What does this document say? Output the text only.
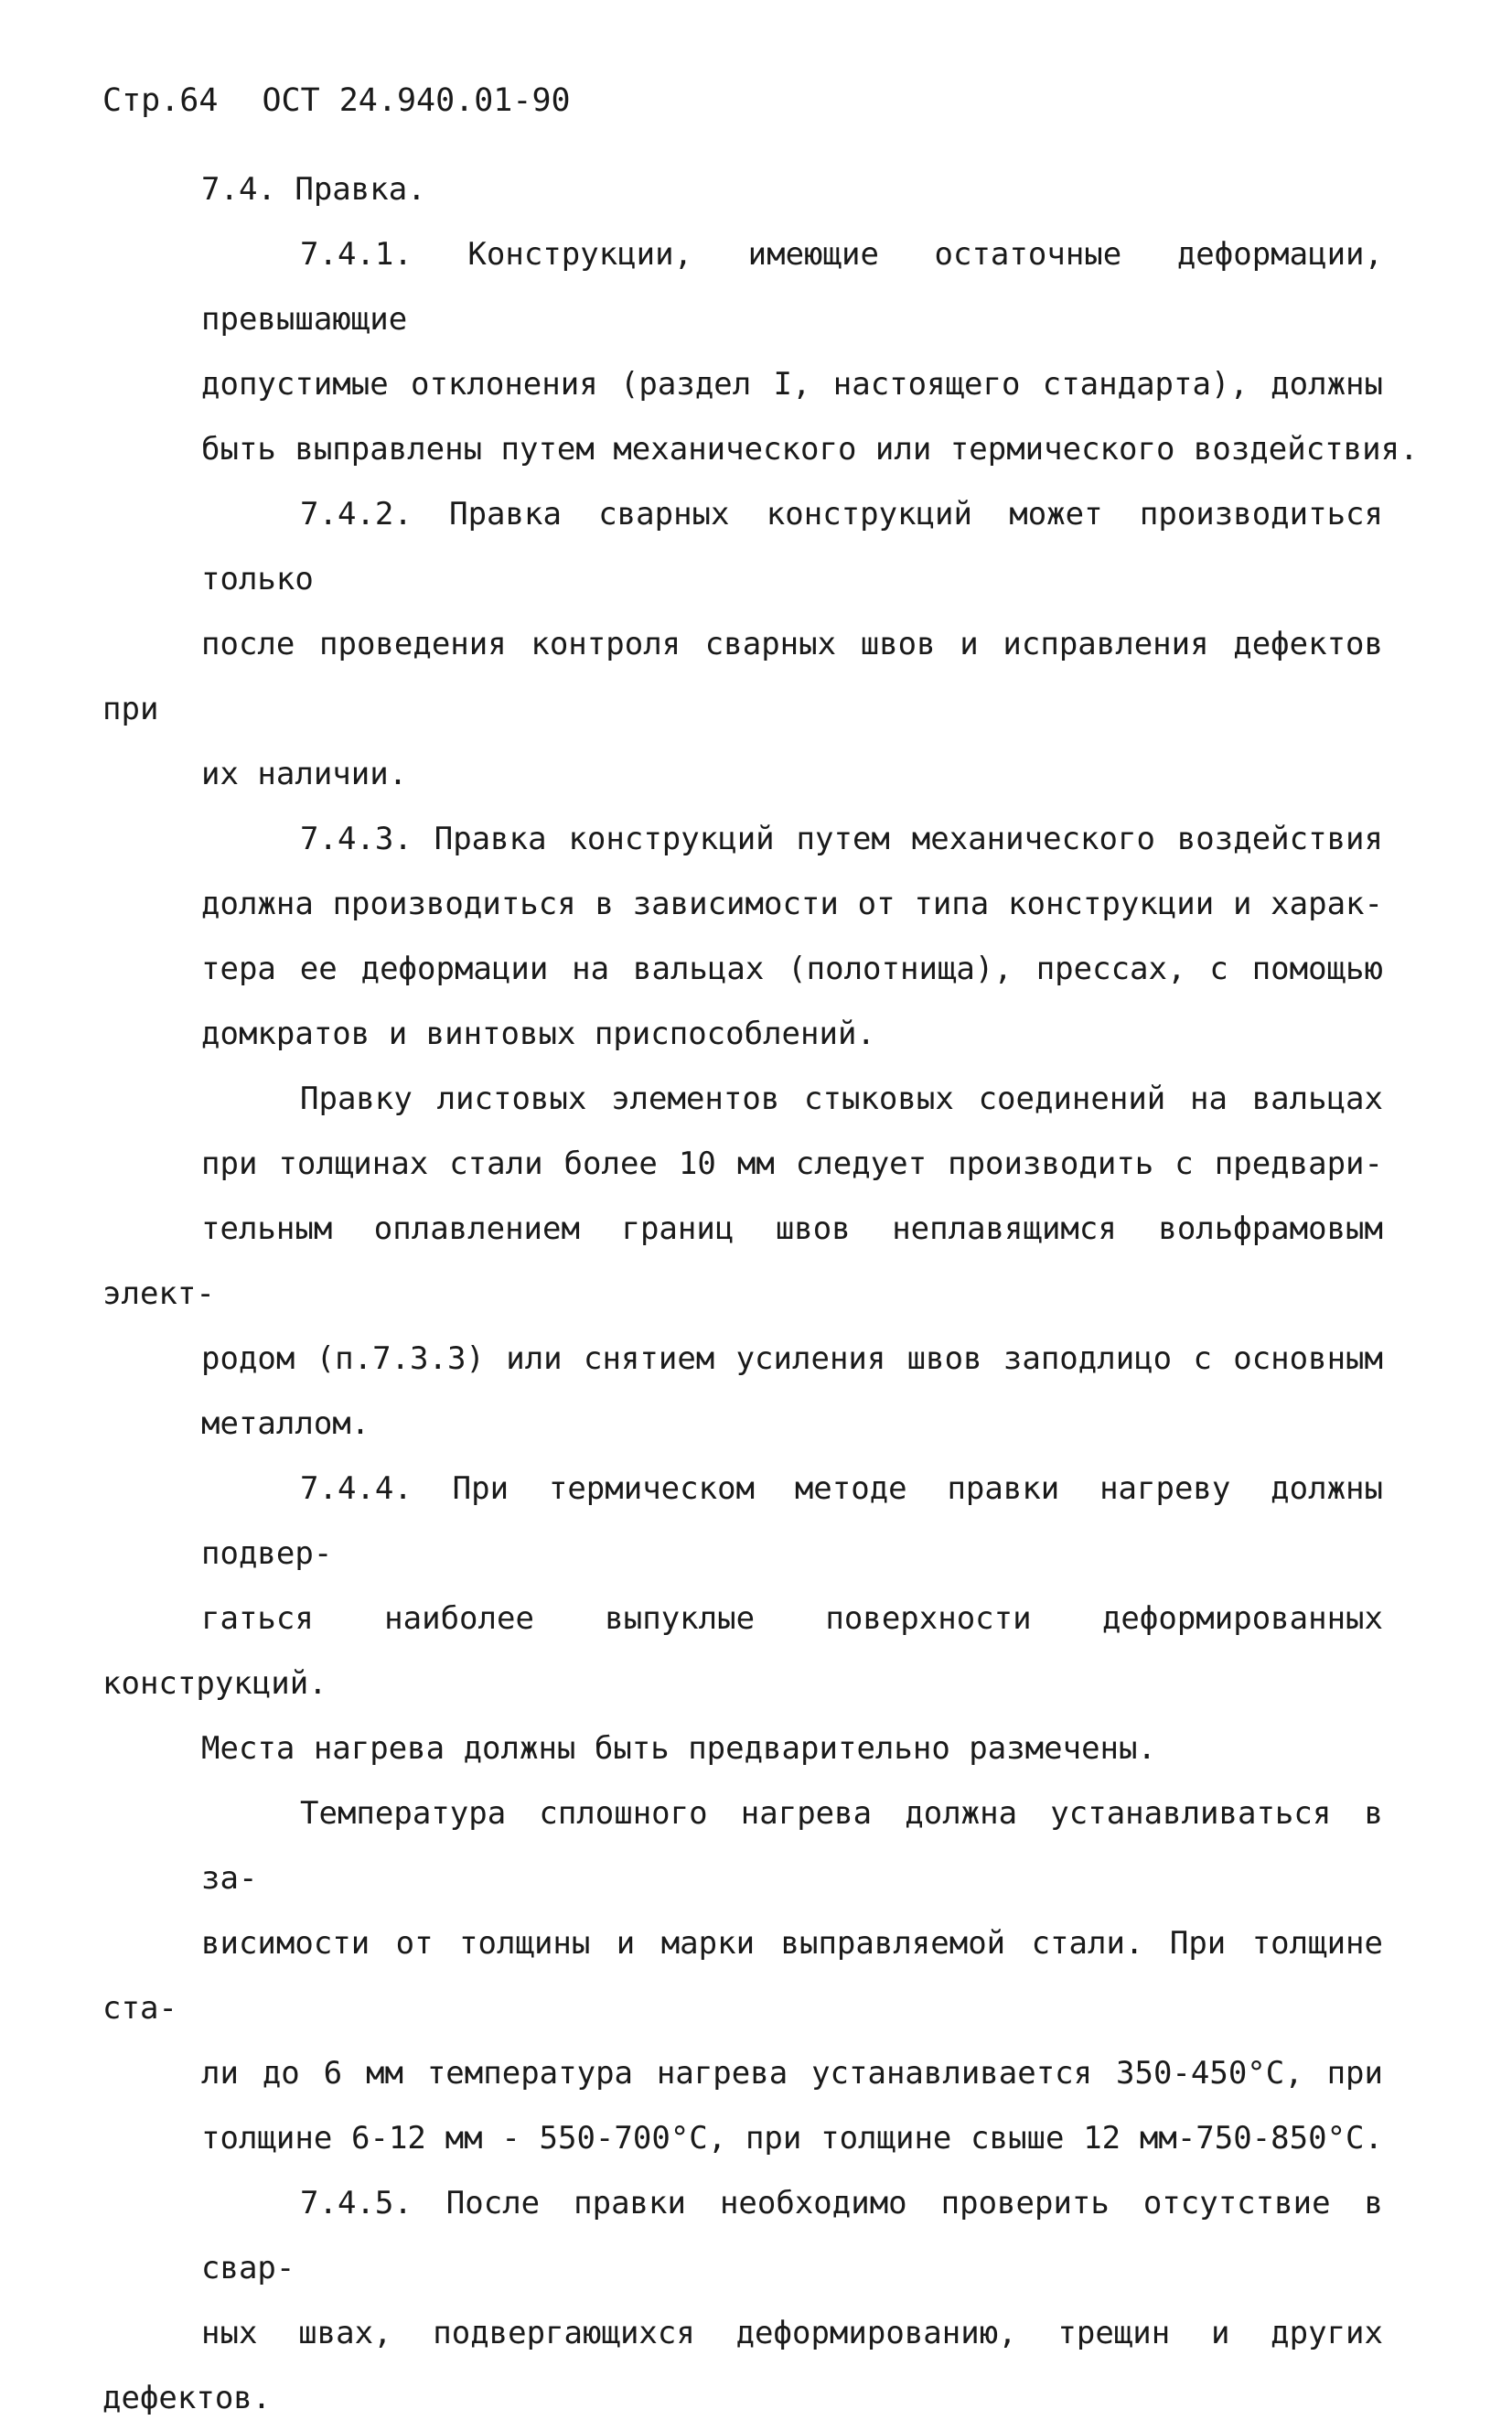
Стр.64 ОСТ 24.940.01-90

7.4. Правка.

7.4.1. Конструкции, имеющие остаточные деформации, превышающие
допустимые отклонения (раздел I, настоящего стандарта), должны
быть выправлены путем механического или термического воздействия.
7.4.2. Правка сварных конструкций может производиться только
после проведения контроля сварных швов и исправления дефектов при
их наличии.
7.4.3. Правка конструкций путем механического воздействия
должна производиться в зависимости от типа конструкции и харак-
тера ее деформации на вальцах (полотнища), прессах, с помощью
домкратов и винтовых приспособлений.
Правку листовых элементов стыковых соединений на вальцах
при толщинах стали более 10 мм следует производить с предвари-
тельным оплавлением границ швов неплавящимся вольфрамовым элект-
родом (п.7.3.3) или снятием усиления швов заподлицо с основным
металлом.
7.4.4. При термическом методе правки нагреву должны подвер-
гаться наиболее выпуклые поверхности деформированных конструкций.
Места нагрева должны быть предварительно размечены.
Температура сплошного нагрева должна устанавливаться в за-
висимости от толщины и марки выправляемой стали. При толщине ста-
ли до 6 мм температура нагрева устанавливается 350-450°С, при
толщине 6-12 мм - 550-700°С, при толщине свыше 12 мм-750-850°С.
7.4.5. После правки необходимо проверить отсутствие в свар-
ных швах, подвергающихся деформированию, трещин и других дефектов.
